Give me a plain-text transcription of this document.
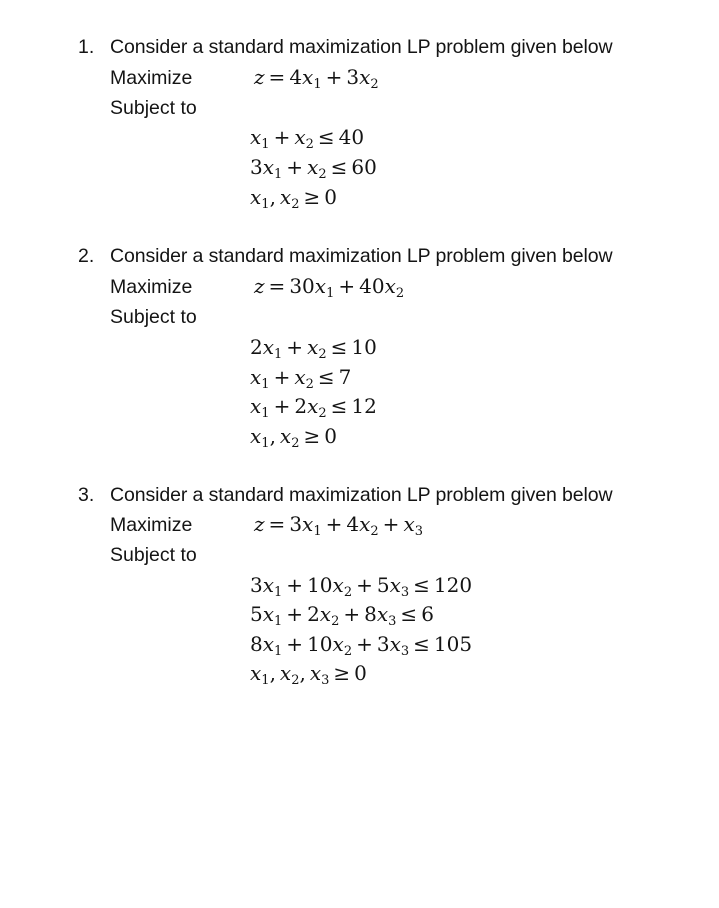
1. Consider a standard maximization LP problem given below
Maximize	$z = 4x_1 + 3x_2$
Subject to
$x_1 + x_2 \le 40$
$3x_1 + x_2 \le 60$
$x_1$,  $x_2 \ge 0$
2. Consider a standard maximization LP problem given below
Maximize	$z = 30x_1 + 40x_2$
Subject to
$2x_1 + x_2 \le 10$
$x_1 + x_2 \le 7$
$x_1 + 2x_2 \le 12$
$x_1$,  $x_2 \ge 0$
3. Consider a standard maximization LP problem given below
Maximize	$z = 3x_1 + 4x_2 + x_3$
Subject to
$3x_1 + 10x_2 + 5x_3 \le 120$
$5x_1 + 2x_2 + 8x_3 \le 6$
$8x_1 + 10x_2 + 3x_3 \le 105$
$x_1$,  $x_2$,  $x_3 \ge 0$
